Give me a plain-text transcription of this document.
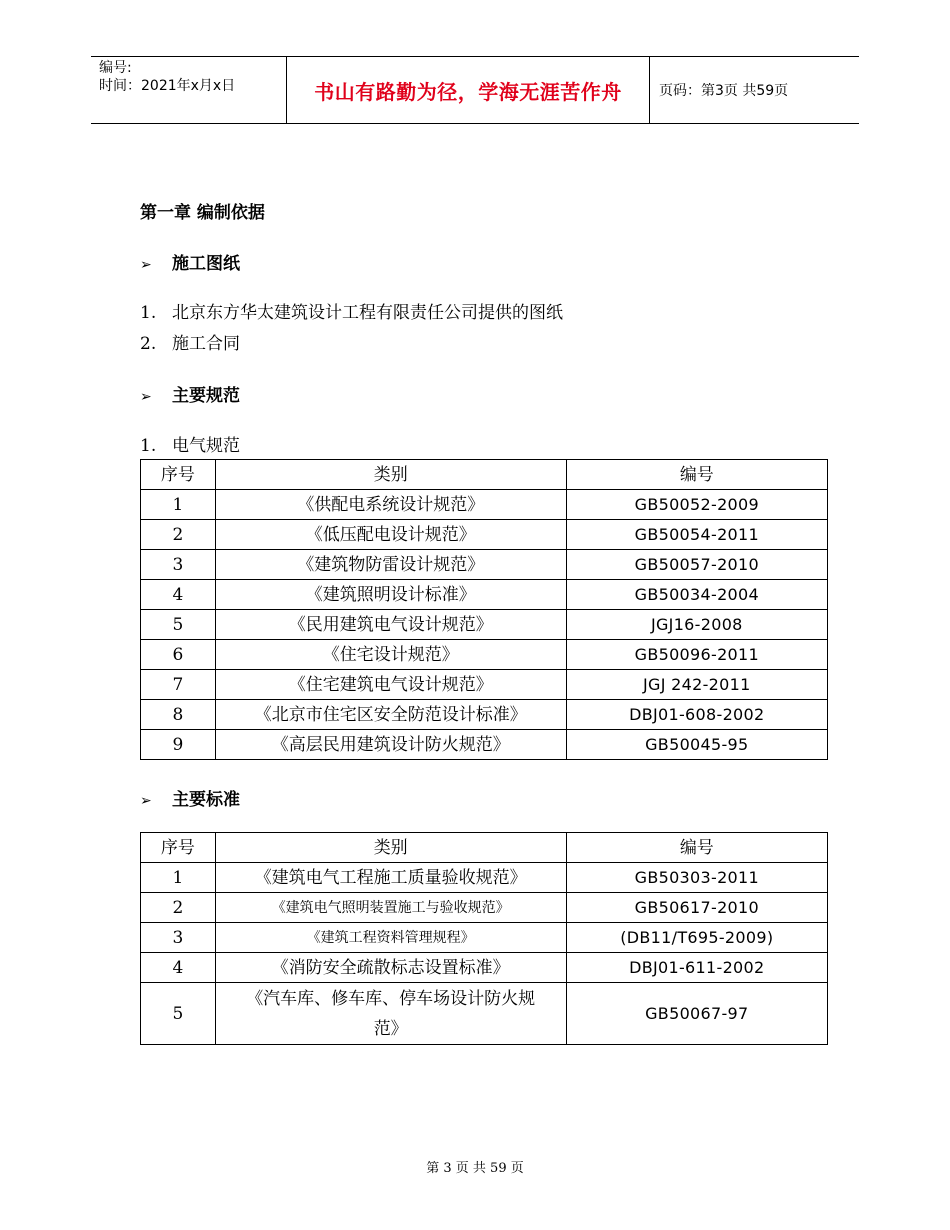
编号:
时间：2021年x月x日	书山有路勤为径，学海无涯苦作舟	页码：第3页 共59页
第一章 编制依据
➢ 施工图纸
1. 北京东方华太建筑设计工程有限责任公司提供的图纸
2. 施工合同
➢ 主要规范
1. 电气规范
序号	类别	编号
1	《供配电系统设计规范》	GB50052-2009
2	《低压配电设计规范》	GB50054-2011
3	《建筑物防雷设计规范》	GB50057-2010
4	《建筑照明设计标准》	GB50034-2004
5	《民用建筑电气设计规范》	JGJ16-2008
6	《住宅设计规范》	GB50096-2011
7	《住宅建筑电气设计规范》	JGJ 242-2011
8	《北京市住宅区安全防范设计标准》	DBJ01-608-2002
9	《高层民用建筑设计防火规范》	GB50045-95
➢ 主要标准
序号	类别	编号
1	《建筑电气工程施工质量验收规范》	GB50303-2011
2	《建筑电气照明装置施工与验收规范》	GB50617-2010
3	《建筑工程资料管理规程》	(DB11/T695-2009)
4	《消防安全疏散标志设置标准》	DBJ01-611-2002
5	《汽车库、修车库、停车场设计防火规范》	GB50067-97
第 3 页 共 59 页
